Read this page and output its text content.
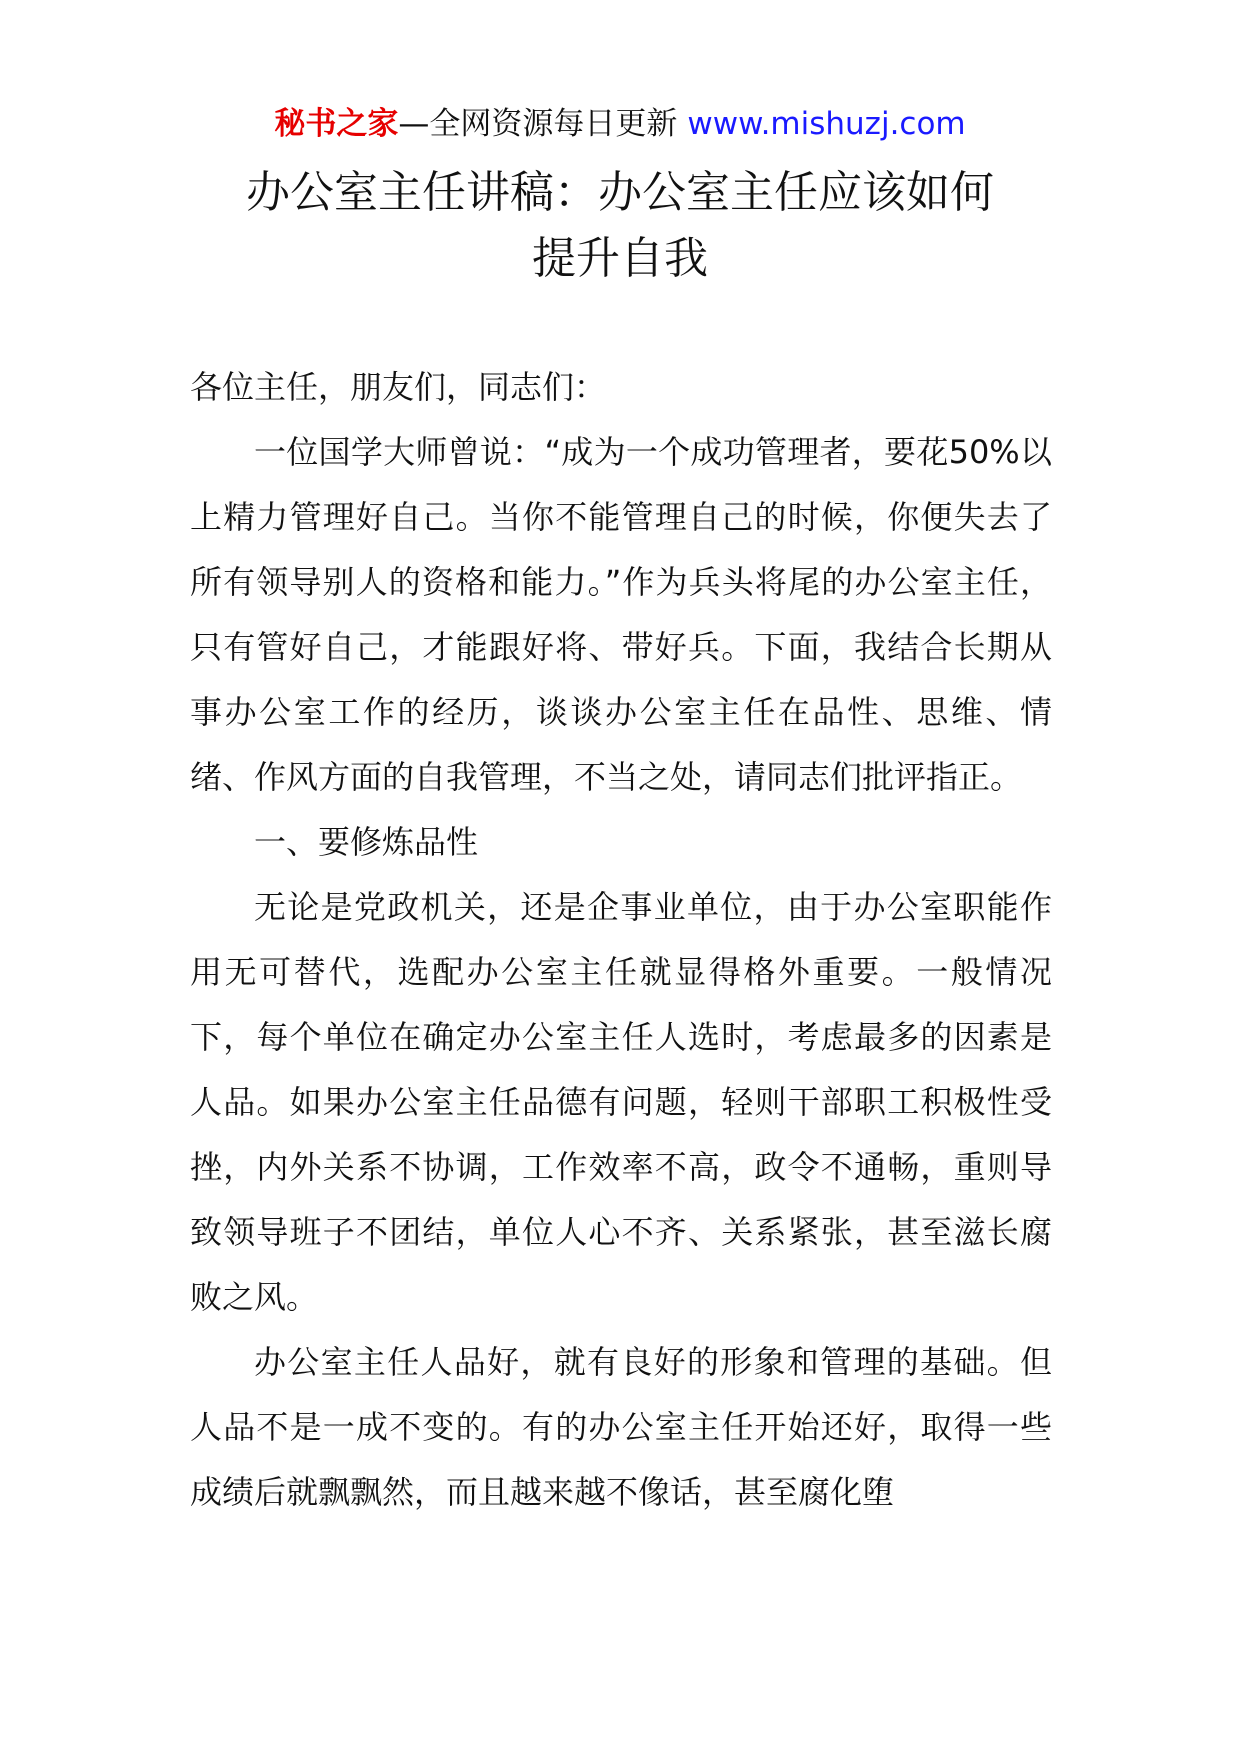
秘书之家—全网资源每日更新 www.mishuzj.com
办公室主任讲稿：办公室主任应该如何
提升自我

各位主任，朋友们，同志们：

一位国学大师曾说：“成为一个成功管理者，要花50%以上精力管理好自己。当你不能管理自己的时候，你便失去了所有领导别人的资格和能力。”作为兵头将尾的办公室主任，只有管好自己，才能跟好将、带好兵。下面，我结合长期从事办公室工作的经历，谈谈办公室主任在品性、思维、情绪、作风方面的自我管理，不当之处，请同志们批评指正。

一、要修炼品性

无论是党政机关，还是企事业单位，由于办公室职能作用无可替代，选配办公室主任就显得格外重要。一般情况下，每个单位在确定办公室主任人选时，考虑最多的因素是人品。如果办公室主任品德有问题，轻则干部职工积极性受挫，内外关系不协调，工作效率不高，政令不通畅，重则导致领导班子不团结，单位人心不齐、关系紧张，甚至滋长腐败之风。

办公室主任人品好，就有良好的形象和管理的基础。但人品不是一成不变的。有的办公室主任开始还好，取得一些成绩后就飘飘然，而且越来越不像话，甚至腐化堕
